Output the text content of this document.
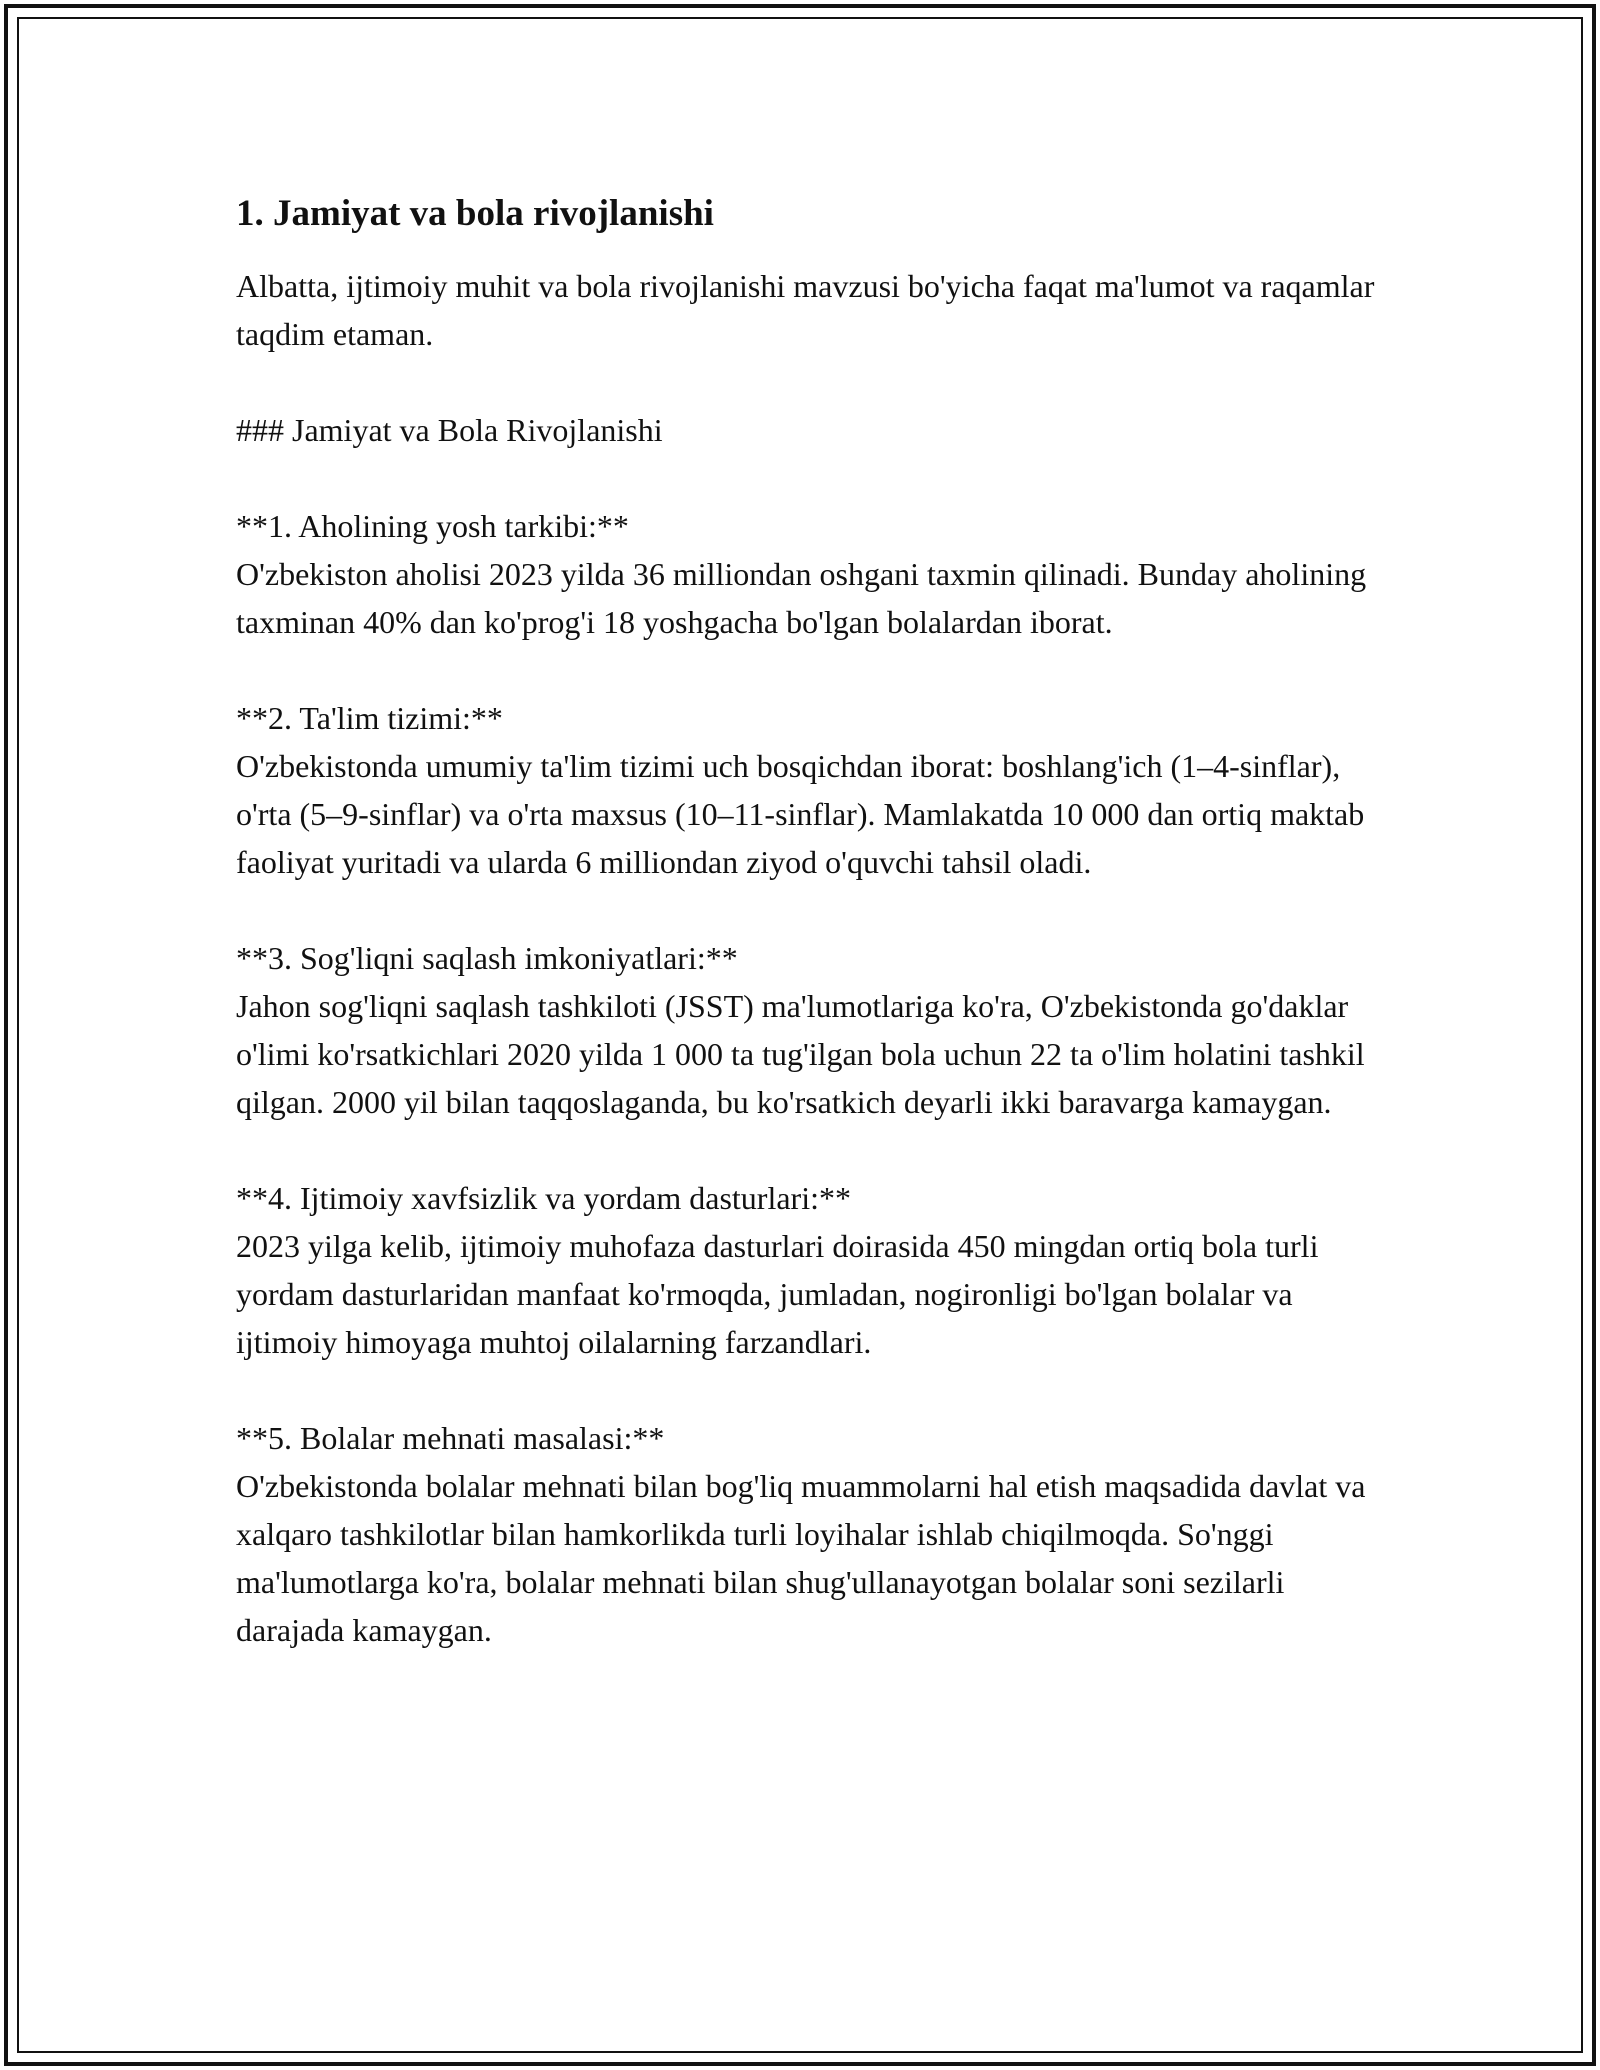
1. Jamiyat va bola rivojlanishi

Albatta, ijtimoiy muhit va bola rivojlanishi mavzusi bo'yicha faqat ma'lumot va raqamlar taqdim etaman.

### Jamiyat va Bola Rivojlanishi

**1. Aholining yosh tarkibi:**

O'zbekiston aholisi 2023 yilda 36 milliondan oshgani taxmin qilinadi. Bunday aholining taxminan 40% dan ko'prog'i 18 yoshgacha bo'lgan bolalardan iborat.

**2. Ta'lim tizimi:**

O'zbekistonda umumiy ta'lim tizimi uch bosqichdan iborat: boshlang'ich (1–4-sinflar), o'rta (5–9-sinflar) va o'rta maxsus (10–11-sinflar). Mamlakatda 10 000 dan ortiq maktab faoliyat yuritadi va ularda 6 milliondan ziyod o'quvchi tahsil oladi.

**3. Sog'liqni saqlash imkoniyatlari:**

Jahon sog'liqni saqlash tashkiloti (JSST) ma'lumotlariga ko'ra, O'zbekistonda go'daklar o'limi ko'rsatkichlari 2020 yilda 1 000 ta tug'ilgan bola uchun 22 ta o'lim holatini tashkil qilgan. 2000 yil bilan taqqoslaganda, bu ko'rsatkich deyarli ikki baravarga kamaygan.

**4. Ijtimoiy xavfsizlik va yordam dasturlari:**

2023 yilga kelib, ijtimoiy muhofaza dasturlari doirasida 450 mingdan ortiq bola turli yordam dasturlaridan manfaat ko'rmoqda, jumladan, nogironligi bo'lgan bolalar va ijtimoiy himoyaga muhtoj oilalarning farzandlari.

**5. Bolalar mehnati masalasi:**

O'zbekistonda bolalar mehnati bilan bog'liq muammolarni hal etish maqsadida davlat va xalqaro tashkilotlar bilan hamkorlikda turli loyihalar ishlab chiqilmoqda. So'nggi ma'lumotlarga ko'ra, bolalar mehnati bilan shug'ullanayotgan bolalar soni sezilarli darajada kamaygan.
